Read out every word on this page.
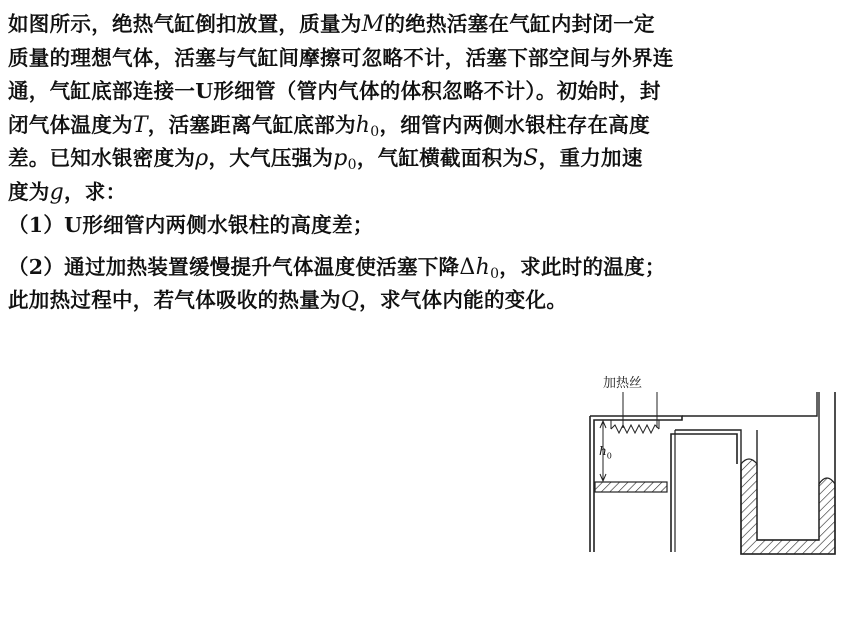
如图所示，绝热气缸倒扣放置，质量为M的绝热活塞在气缸内封闭一定
质量的理想气体，活塞与气缸间摩擦可忽略不计，活塞下部空间与外界连
通，气缸底部连接一U形细管（管内气体的体积忽略不计）。初始时，封
闭气体温度为T，活塞距离气缸底部为$h_0$，细管内两侧水银柱存在高度
差。已知水银密度为ρ，大气压强为$p_0$，气缸横截面积为S，重力加速
度为g，求：
（1）U形细管内两侧水银柱的高度差；
（2）通过加热装置缓慢提升气体温度使活塞下降$\Delta h_0$，求此时的温度；
此加热过程中，若气体吸收的热量为Q，求气体内能的变化。
加热丝
$h_0$
